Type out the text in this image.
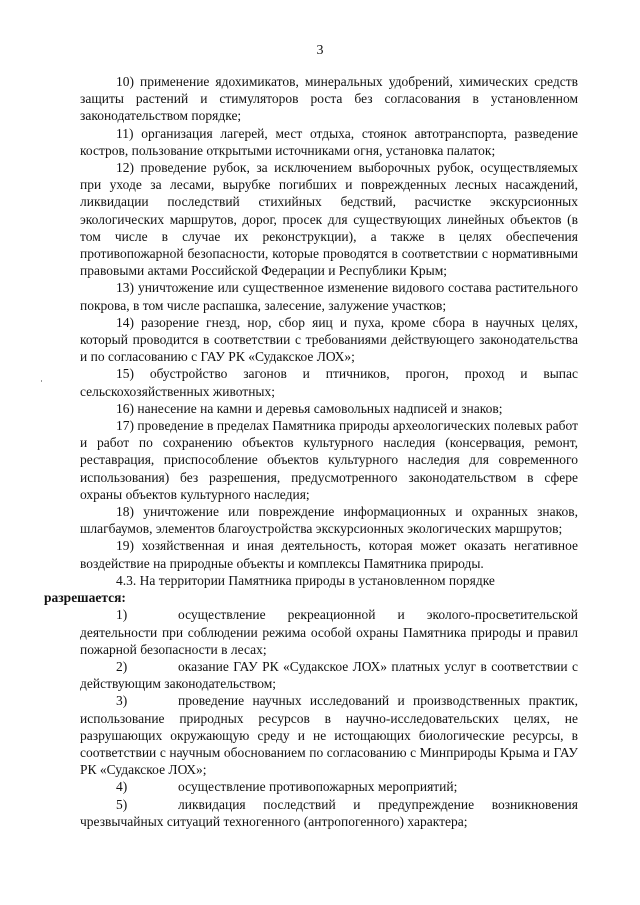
3

10) применение ядохимикатов, минеральных удобрений, химических средств защиты растений и стимуляторов роста без согласования в установленном законодательством порядке;

11) организация лагерей, мест отдыха, стоянок автотранспорта, разведение костров, пользование открытыми источниками огня, установка палаток;

12) проведение рубок, за исключением выборочных рубок, осуществляемых при уходе за лесами, вырубке погибших и поврежденных лесных насаждений, ликвидации последствий стихийных бедствий, расчистке экскурсионных экологических маршрутов, дорог, просек для существующих линейных объектов (в том числе в случае их реконструкции), а также в целях обеспечения противопожарной безопасности, которые проводятся в соответствии с нормативными правовыми актами Российской Федерации и Республики Крым;

13) уничтожение или существенное изменение видового состава растительного покрова, в том числе распашка, залесение, залужение участков;

14) разорение гнезд, нор, сбор яиц и пуха, кроме сбора в научных целях, который проводится в соответствии с требованиями действующего законодательства и по согласованию с ГАУ РК «Судакское ЛОХ»;

15) обустройство загонов и птичников, прогон, проход и выпас сельскохозяйственных животных;

16) нанесение на камни и деревья самовольных надписей и знаков;

17) проведение в пределах Памятника природы археологических полевых работ и работ по сохранению объектов культурного наследия (консервация, ремонт, реставрация, приспособление объектов культурного наследия для современного использования) без разрешения, предусмотренного законодательством в сфере охраны объектов культурного наследия;

18) уничтожение или повреждение информационных и охранных знаков, шлагбаумов, элементов благоустройства экскурсионных экологических маршрутов;

19) хозяйственная и иная деятельность, которая может оказать негативное воздействие на природные объекты и комплексы Памятника природы.

4.3. На территории Памятника природы в установленном порядке
разрешается:

1)	осуществление рекреационной и эколого-просветительской деятельности при соблюдении режима особой охраны Памятника природы и правил пожарной безопасности в лесах;

2)	оказание ГАУ РК «Судакское ЛОХ» платных услуг в соответствии с действующим законодательством;

3)	проведение научных исследований и производственных практик, использование природных ресурсов в научно-исследовательских целях, не разрушающих окружающую среду и не истощающих биологические ресурсы, в соответствии с научным обоснованием по согласованию с Минприроды Крыма и ГАУ РК «Судакское ЛОХ»;

4)	осуществление противопожарных мероприятий;

5)	ликвидация последствий и предупреждение возникновения чрезвычайных ситуаций техногенного (антропогенного) характера;
